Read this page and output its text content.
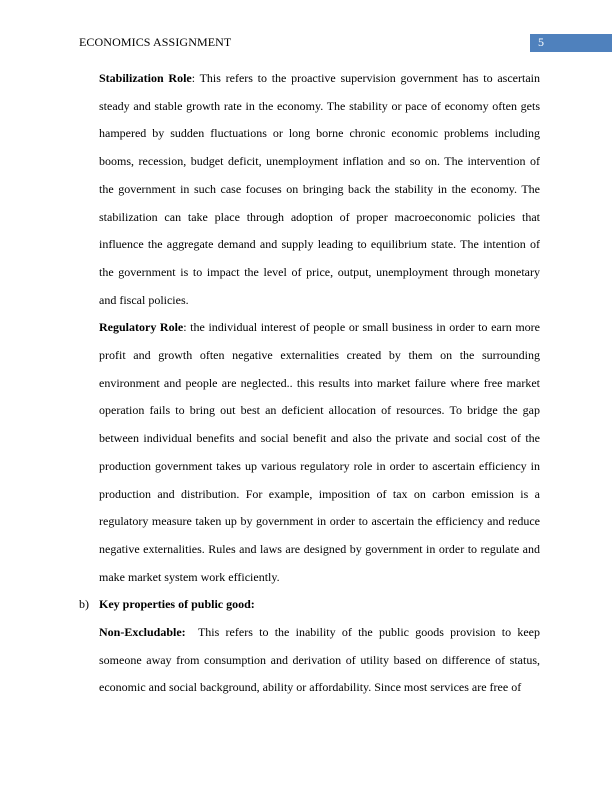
ECONOMICS ASSIGNMENT	5

Stabilization Role: This refers to the proactive supervision government has to ascertain steady and stable growth rate in the economy. The stability or pace of economy often gets hampered by sudden fluctuations or long borne chronic economic problems including booms, recession, budget deficit, unemployment inflation and so on. The intervention of the government in such case focuses on bringing back the stability in the economy. The stabilization can take place through adoption of proper macroeconomic policies that influence the aggregate demand and supply leading to equilibrium state. The intention of the government is to impact the level of price, output, unemployment through monetary and fiscal policies.

Regulatory Role: the individual interest of people or small business in order to earn more profit and growth often negative externalities created by them on the surrounding environment and people are neglected.. this results into market failure where free market operation fails to bring out best an deficient allocation of resources. To bridge the gap between individual benefits and social benefit and also the private and social cost of the production government takes up various regulatory role in order to ascertain efficiency in production and distribution. For example, imposition of tax on carbon emission is a regulatory measure taken up by government in order to ascertain the efficiency and reduce negative externalities. Rules and laws are designed by government in order to regulate and make market system work efficiently.

b) Key properties of public good:

Non-Excludable:  This refers to the inability of the public goods provision to keep someone away from consumption and derivation of utility based on difference of status, economic and social background, ability or affordability. Since most services are free of
